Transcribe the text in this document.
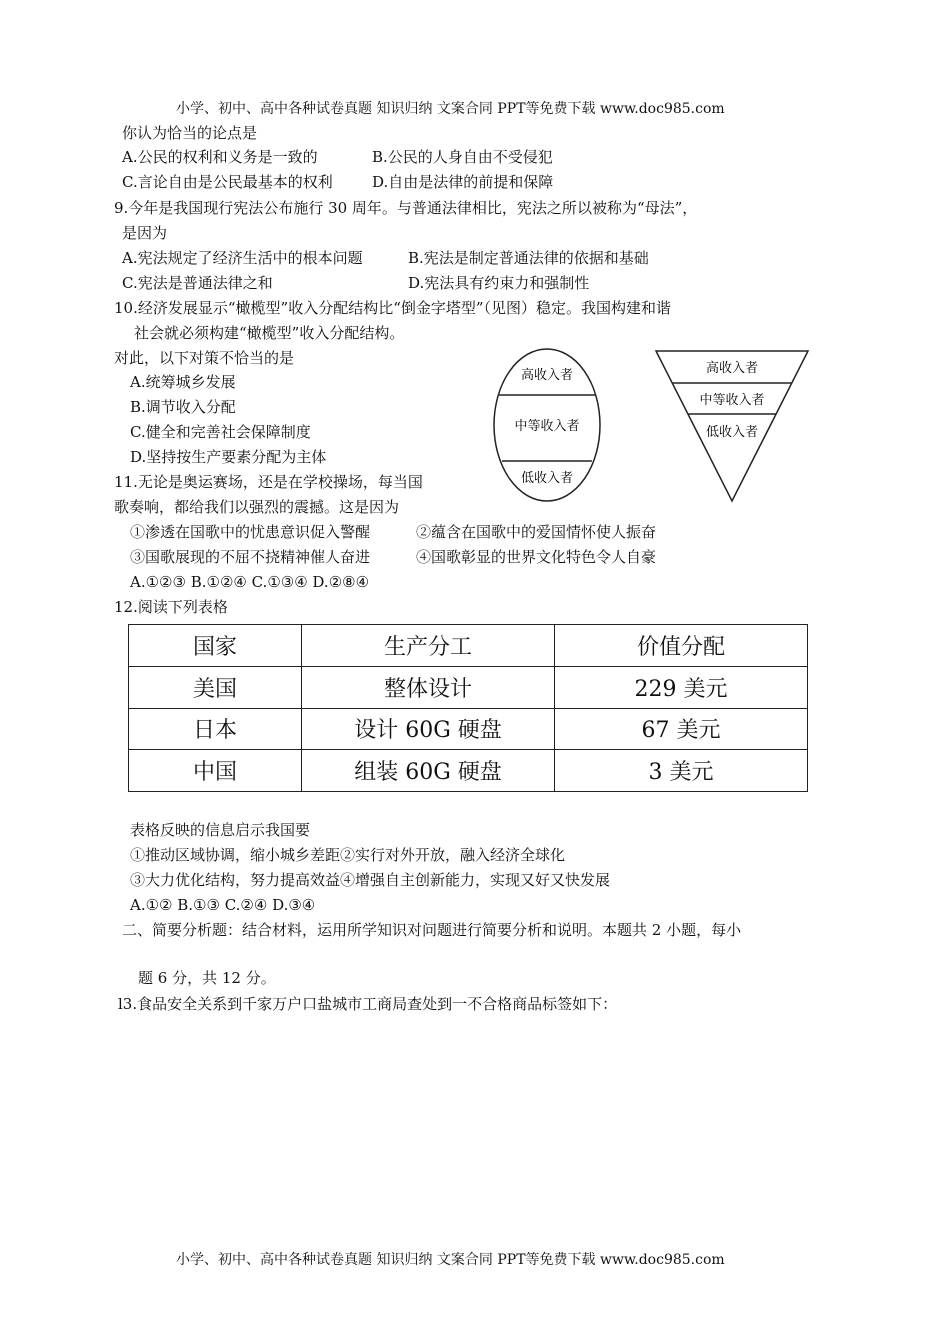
小学、初中、高中各种试卷真题 知识归纳 文案合同 PPT等免费下载 www.doc985.com
你认为恰当的论点是
A.公民的权利和义务是一致的	B.公民的人身自由不受侵犯
C.言论自由是公民最基本的权利	D.自由是法律的前提和保障
9.今年是我国现行宪法公布施行 30 周年。与普通法律相比，宪法之所以被称为“母法”，
是因为
A.宪法规定了经济生活中的根本问题	B.宪法是制定普通法律的依据和基础
C.宪法是普通法律之和	D.宪法具有约束力和强制性
10.经济发展显示“橄榄型”收入分配结构比“倒金字塔型”（见图）稳定。我国构建和谐
社会就必须构建“橄榄型”收入分配结构。
对此，以下对策不恰当的是
A.统筹城乡发展
B.调节收入分配
C.健全和完善社会保障制度
D.坚持按生产要素分配为主体
高收入者
中等收入者
低收入者
高收入者
中等收入者
低收入者
11.无论是奥运赛场，还是在学校操场，每当国
歌奏响，都给我们以强烈的震撼。这是因为
①渗透在国歌中的忧患意识促入警醒	②蕴含在国歌中的爱国情怀使人振奋
③国歌展现的不屈不挠精神催人奋进	④国歌彰显的世界文化特色令人自豪
A.①②③ B.①②④ C.①③④ D.②⑧④
12.阅读下列表格
国家	生产分工	价值分配
美国	整体设计	229 美元
日本	设计 60G 硬盘	67 美元
中国	组装 60G 硬盘	3 美元
表格反映的信息启示我国要
①推动区域协调，缩小城乡差距②实行对外开放，融入经济全球化
③大力优化结构，努力提高效益④增强自主创新能力，实现又好又快发展
A.①② B.①③ C.②④ D.③④
二、简要分析题：结合材料，运用所学知识对问题进行简要分析和说明。本题共 2 小题，每小
题 6 分，共 12 分。
l3.食品安全关系到千家万户口盐城市工商局查处到一不合格商品标签如下：
小学、初中、高中各种试卷真题 知识归纳 文案合同 PPT等免费下载 www.doc985.com
